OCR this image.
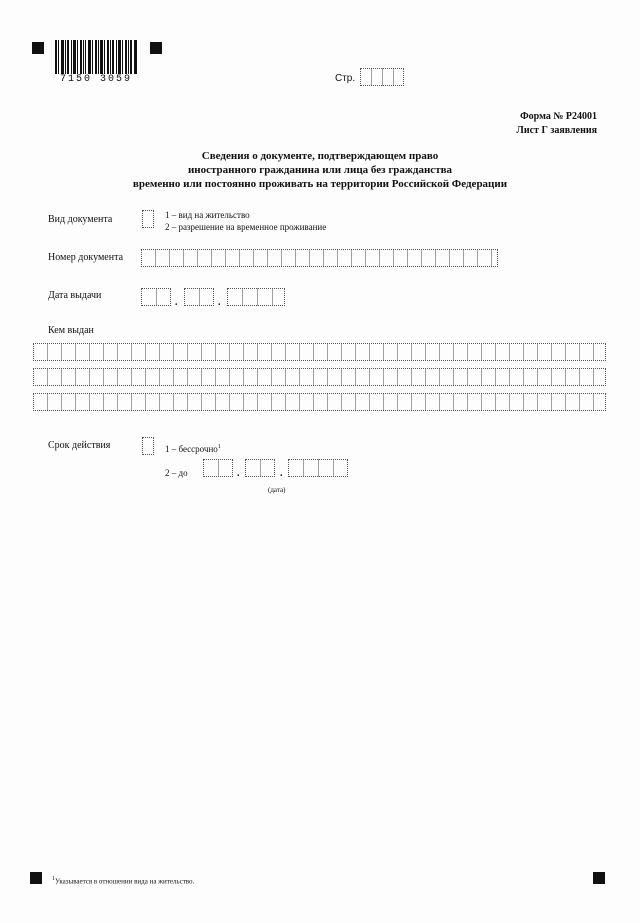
7150 3059	Стр.
Форма № Р24001
Лист Г заявления
Сведения о документе, подтверждающем право
иностранного гражданина или лица без гражданства
временно или постоянно проживать на территории Российской Федерации
Вид документа	1 – вид на жительство
2 – разрешение на временное проживание
Номер документа
Дата выдачи
.	.
Кем выдан
Срок действия	1 – бессрочно$^1$
2 – до	.	.
(дата)
$^1$Указывается в отношении вида на жительство.
